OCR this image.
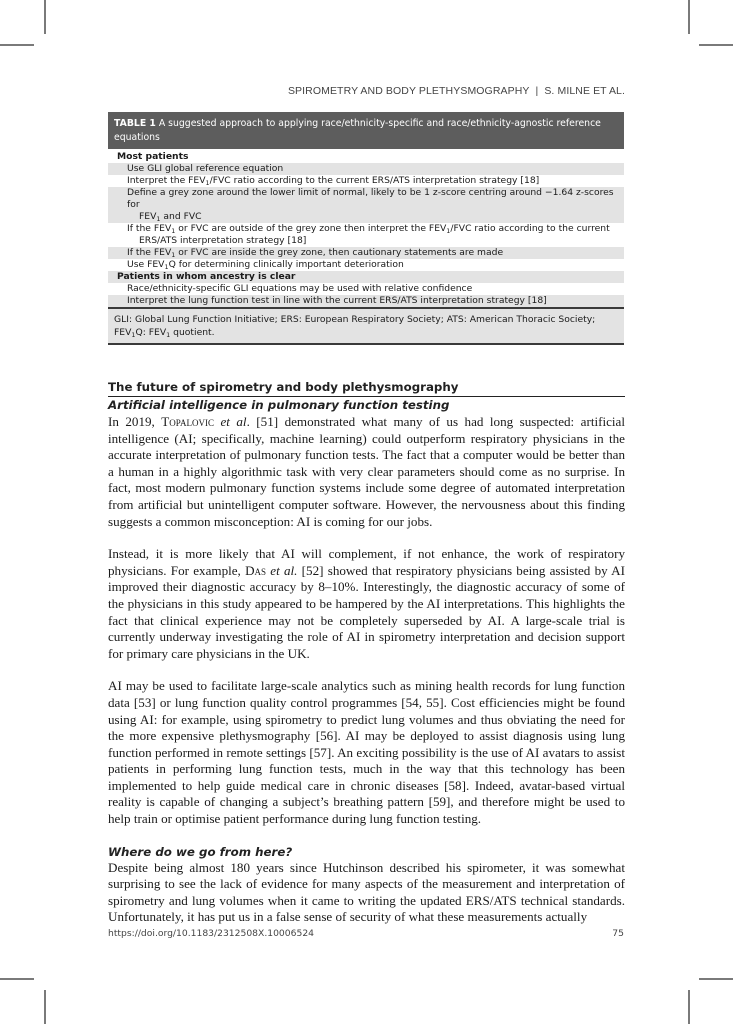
SPIROMETRY AND BODY PLETHYSMOGRAPHY | S. MILNE ET AL.
TABLE 1 A suggested approach to applying race/ethnicity-specific and race/ethnicity-agnostic reference equations
Most patients
Use GLI global reference equation
Interpret the $FEV_1$/FVC ratio according to the current ERS/ATS interpretation strategy [18]
Define a grey zone around the lower limit of normal, likely to be 1 z-score centring around −1.64 z-scores for
$FEV_1$ and FVC
If the $FEV_1$ or FVC are outside of the grey zone then interpret the $FEV_1$/FVC ratio according to the current
ERS/ATS interpretation strategy [18]
If the $FEV_1$ or FVC are inside the grey zone, then cautionary statements are made
Use $FEV_1Q$ for determining clinically important deterioration
Patients in whom ancestry is clear
Race/ethnicity-specific GLI equations may be used with relative confidence
Interpret the lung function test in line with the current ERS/ATS interpretation strategy [18]
GLI: Global Lung Function Initiative; ERS: European Respiratory Society; ATS: American Thoracic Society; $FEV_1Q$: $FEV_1$ quotient.
The future of spirometry and body plethysmography
Artificial intelligence in pulmonary function testing

In 2019, Topalovic et al. [51] demonstrated what many of us had long suspected: artificial intelligence (AI; specifically, machine learning) could outperform respiratory physicians in the accurate interpretation of pulmonary function tests. The fact that a computer would be better than a human in a highly algorithmic task with very clear parameters should come as no surprise. In fact, most modern pulmonary function systems include some degree of automated interpretation from artificial but unintelligent computer software. However, the nervousness about this finding suggests a common misconception: AI is coming for our jobs.

Instead, it is more likely that AI will complement, if not enhance, the work of respiratory physicians. For example, Das et al. [52] showed that respiratory physicians being assisted by AI improved their diagnostic accuracy by 8–10%. Interestingly, the diagnostic accuracy of some of the physicians in this study appeared to be hampered by the AI interpretations. This highlights the fact that clinical experience may not be completely superseded by AI. A large-scale trial is currently underway investigating the role of AI in spirometry interpretation and decision support for primary care physicians in the UK.

AI may be used to facilitate large-scale analytics such as mining health records for lung function data [53] or lung function quality control programmes [54, 55]. Cost efficiencies might be found using AI: for example, using spirometry to predict lung volumes and thus obviating the need for the more expensive plethysmography [56]. AI may be deployed to assist diagnosis using lung function performed in remote settings [57]. An exciting possibility is the use of AI avatars to assist patients in performing lung function tests, much in the way that this technology has been implemented to help guide medical care in chronic diseases [58]. Indeed, avatar-based virtual reality is capable of changing a subject’s breathing pattern [59], and therefore might be used to help train or optimise patient performance during lung function testing.

Where do we go from here?

Despite being almost 180 years since Hutchinson described his spirometer, it was somewhat surprising to see the lack of evidence for many aspects of the measurement and interpretation of spirometry and lung volumes when it came to writing the updated ERS/ATS technical standards. Unfortunately, it has put us in a false sense of security of what these measurements actually

https://doi.org/10.1183/2312508X.10006524	75
